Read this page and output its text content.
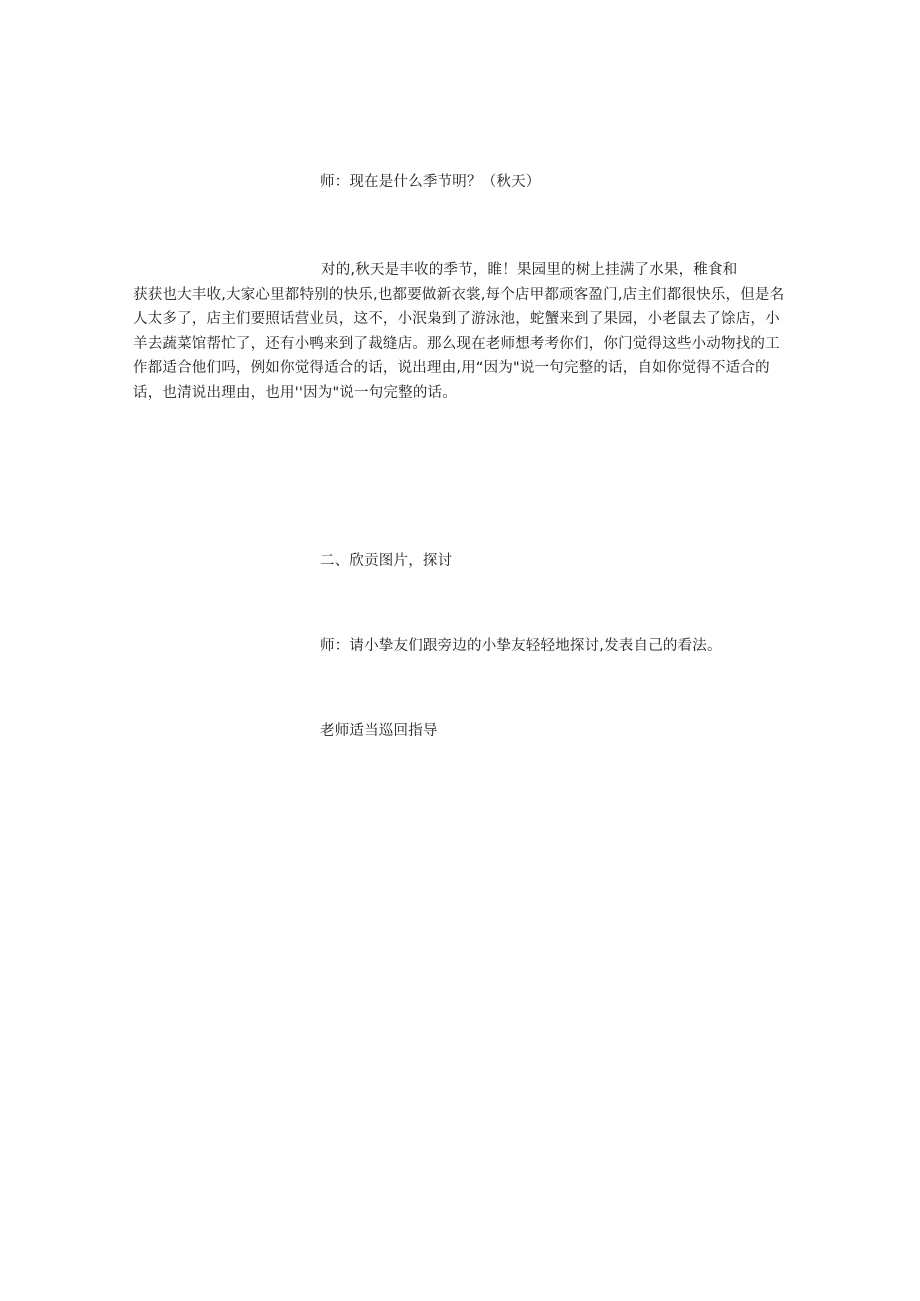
师：现在是什么季节明？（秋天）
对的,秋天是丰收的季节，睢！果园里的树上挂满了水果，稚食和
获获也大丰收,大家心里都特别的快乐,也都要做新衣裳,每个店甲都顽客盈门,店主们都很快乐，但是名
人太多了，店主们要照话营业员，这不，小泯枭到了游泳池，蛇蟹来到了果园，小老鼠去了馀店，小
羊去蔬菜馆帮忙了，还有小鸭来到了裁缝店。那么现在老师想考考你们，你门觉得这些小动物找的工
作都适合他们吗，例如你觉得适合的话，说出理由,用“因为"说一句完整的话，自如你觉得不适合的
话，也清说出理由，也用''因为"说一句完整的话。
二、欣贡图片，探讨
师：请小挚友们跟旁边的小挚友轻轻地探讨,发表自己的看法。
老师适当巡回指导
